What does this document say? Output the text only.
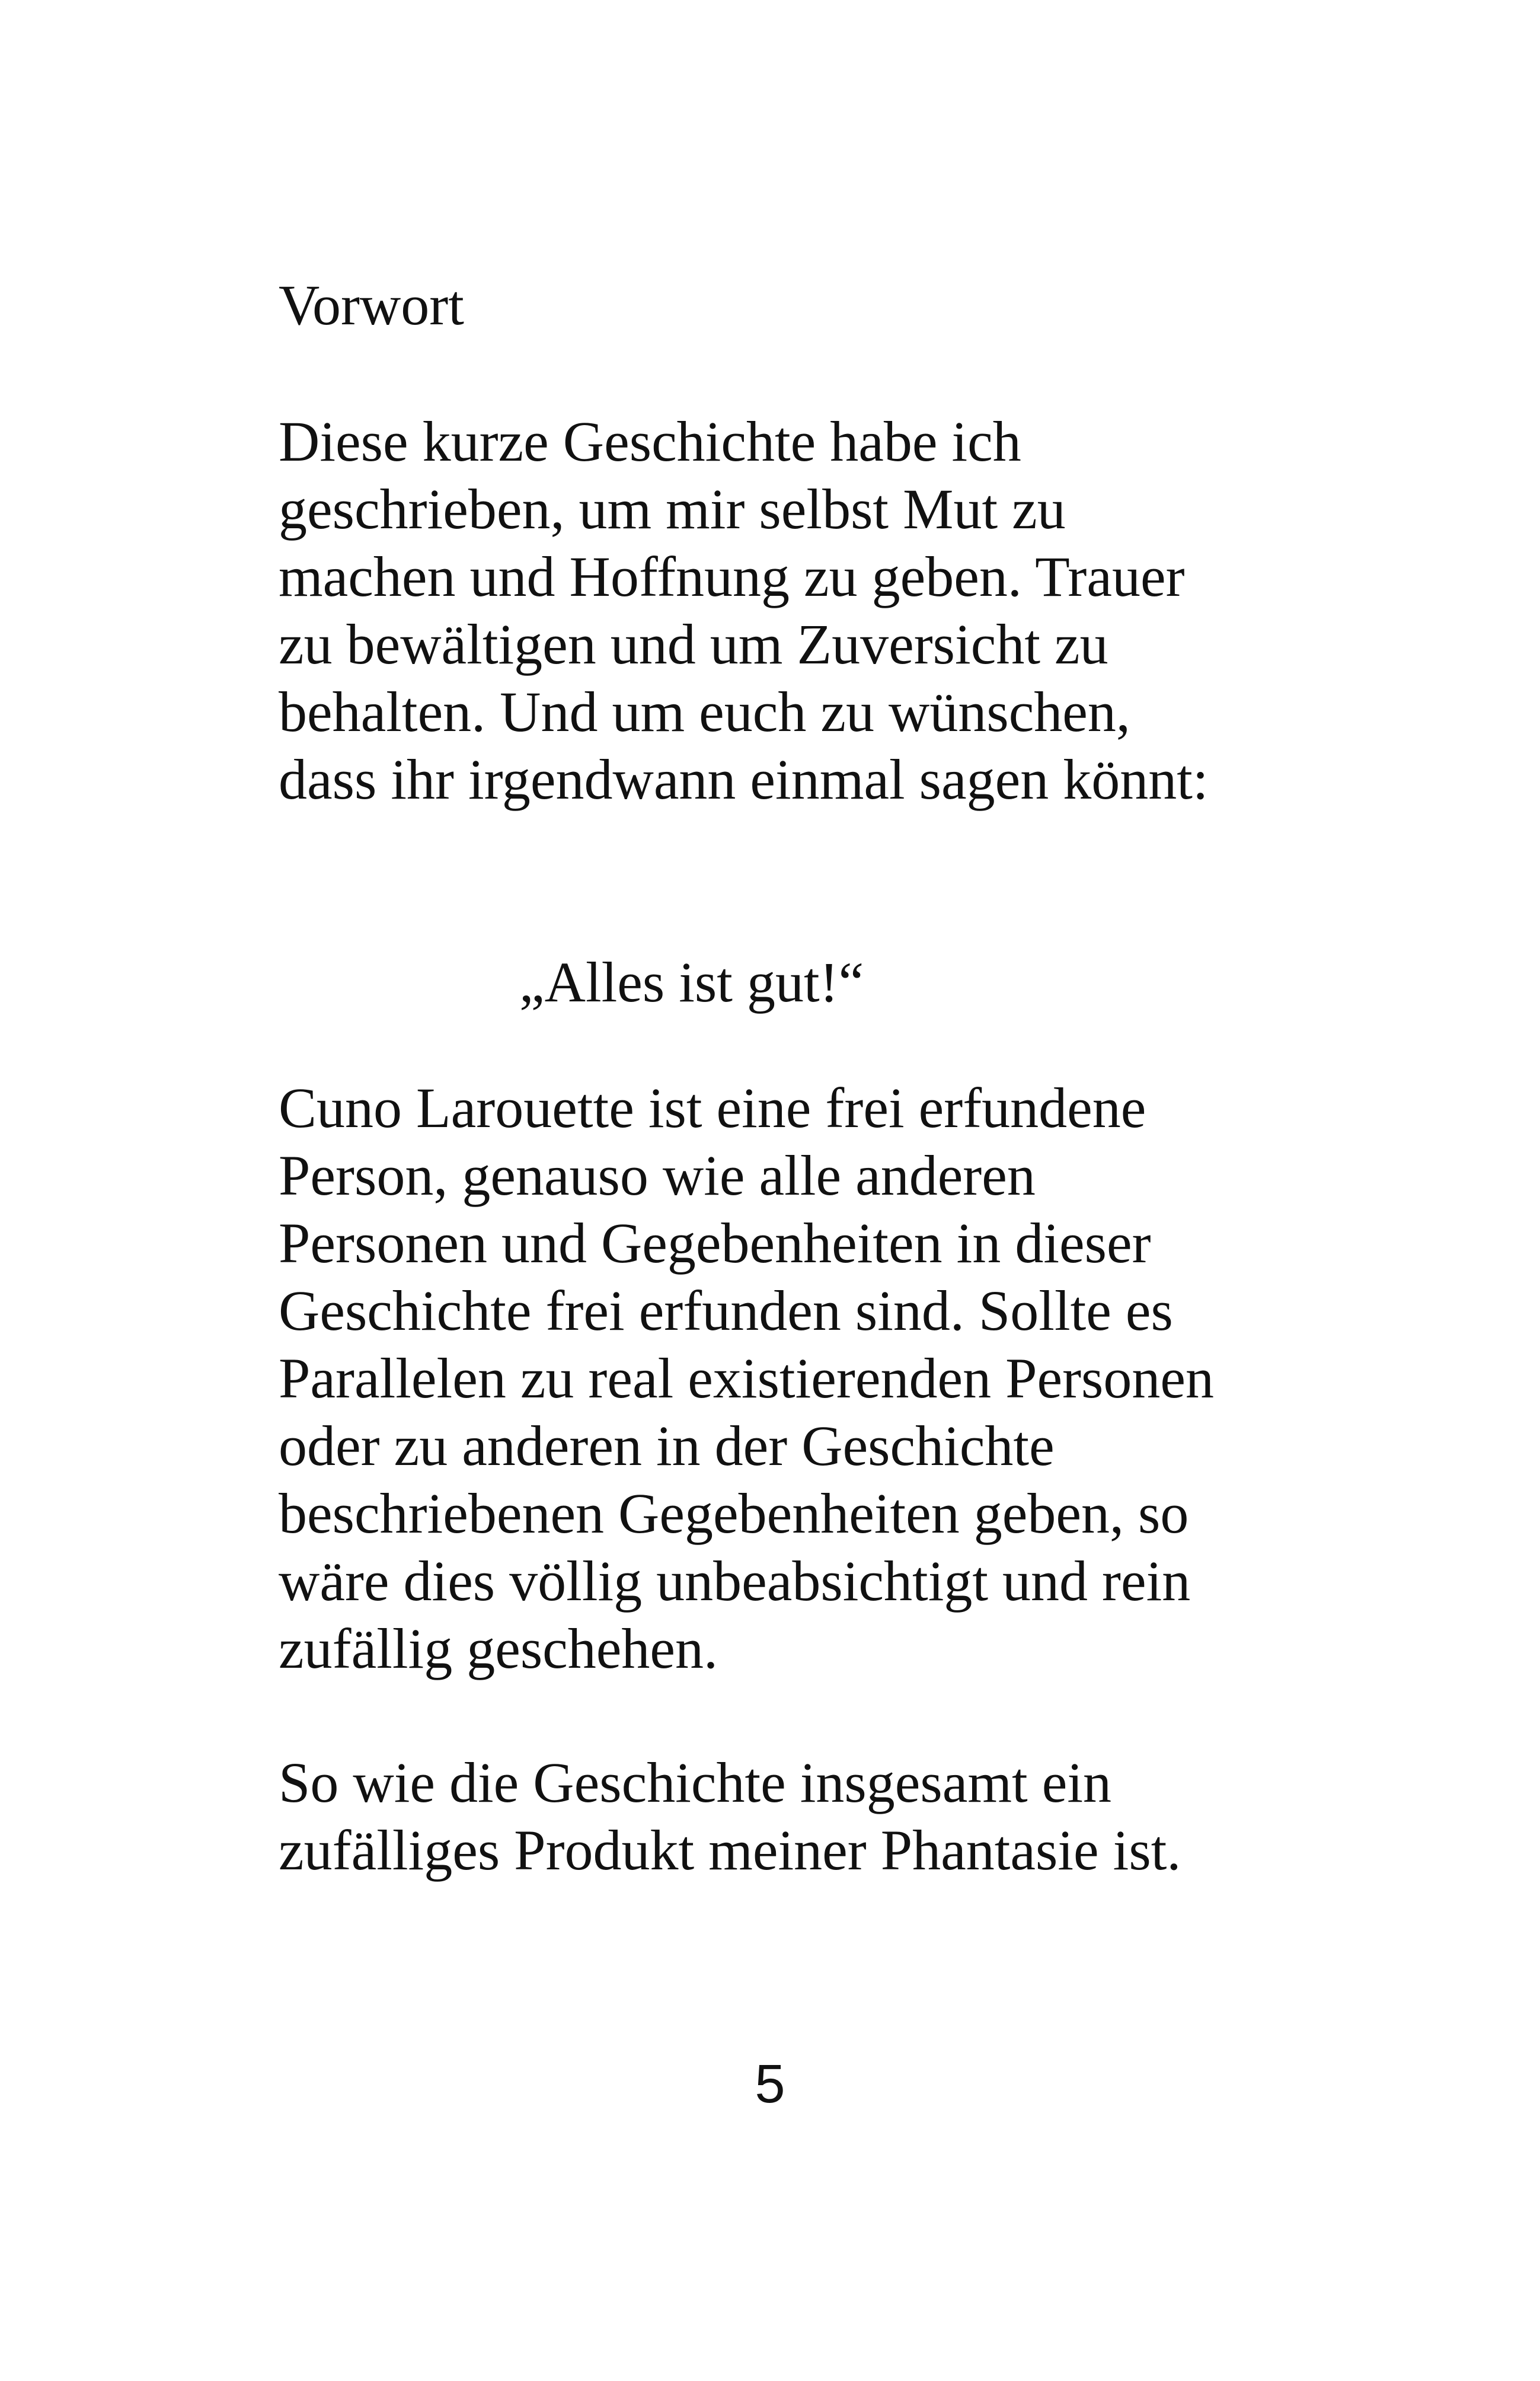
Vorwort

Diese kurze Geschichte habe ich
geschrieben, um mir selbst Mut zu
machen und Hoffnung zu geben. Trauer
zu bewältigen und um Zuversicht zu
behalten. Und um euch zu wünschen,
dass ihr irgendwann einmal sagen könnt:

„Alles ist gut!“

Cuno Larouette ist eine frei erfundene
Person, genauso wie alle anderen
Personen und Gegebenheiten in dieser
Geschichte frei erfunden sind. Sollte es
Parallelen zu real existierenden Personen
oder zu anderen in der Geschichte
beschriebenen Gegebenheiten geben, so
wäre dies völlig unbeabsichtigt und rein
zufällig geschehen.

So wie die Geschichte insgesamt ein
zufälliges Produkt meiner Phantasie ist.

5
